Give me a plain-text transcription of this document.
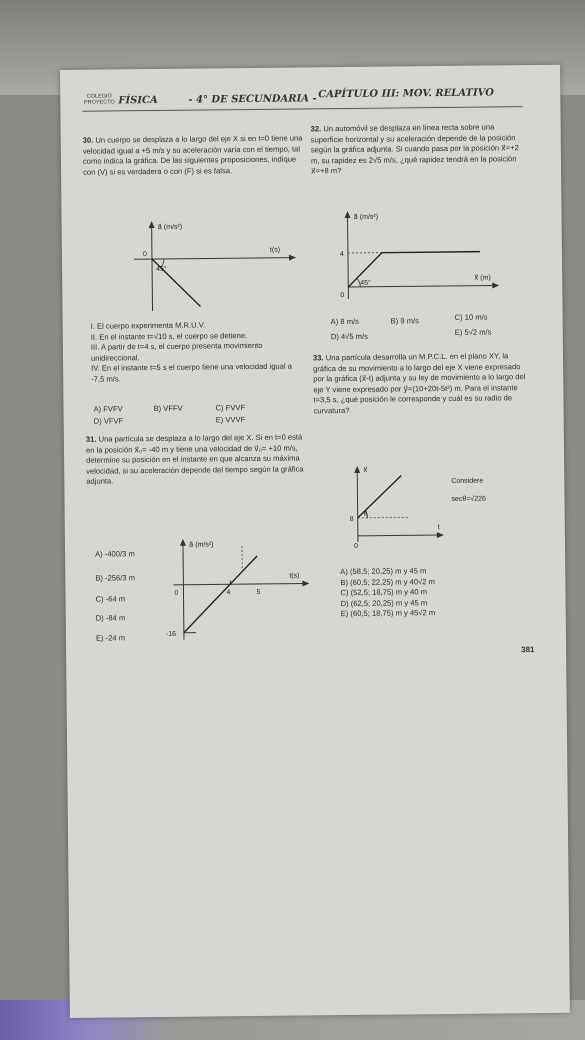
COLEGIO
PROYECTO FÍSICA	- 4° DE SECUNDARIA - CAPÍTULO III: MOV. RELATIVO
30. Un cuerpo se desplaza a lo largo del eje X si en t=0 tiene una velocidad igual a +5 m/s y su aceleración varía con el tiempo, tal como indica la gráfica. De las siguientes proposiciones, indique con (V) si es verdadera o con (F) si es falsa.
a⃗ (m/s²)
t(s)
0
45°
I. El cuerpo experimenta M.R.U.V.
II. En el instante t=√10 s, el cuerpo se detiene.
III. A partir de t=4 s, el cuerpo presenta movimiento unidireccional.
IV. En el instante t=5 s el cuerpo tiene una velocidad igual a -7,5 m/s.
A) FVFV	B) VFFV	C) FVVF
D) VFVF	E) VVVF
31. Una partícula se desplaza a lo largo del eje X. Si en t=0 está en la posición x⃗₀= -40 m y tiene una velocidad de v⃗₀= +10 m/s, determine su posición en el instante en que alcanza su máxima velocidad, si su aceleración depende del tiempo según la gráfica adjunta.
A) -400/3 m
B) -256/3 m
C) -64 m
D) -84 m
E) -24 m
a⃗ (m/s²)
t(s)
0	4	5
-16
32. Un automóvil se desplaza en línea recta sobre una superficie horizontal y su aceleración depende de la posición según la gráfica adjunta. Si cuando pasa por la posición x⃗=+2 m, su rapidez es 2√5 m/s, ¿qué rapidez tendrá en la posición x⃗=+8 m?
a⃗ (m/s²)
x⃗ (m)
4
0
45°
A) 8 m/s	B) 9 m/s	C) 10 m/s
D) 4√5 m/s	E) 5√2 m/s
33. Una partícula desarrolla un M.P.C.L. en el plano XY, la gráfica de su movimiento a lo largo del eje X viene expresado por la gráfica (x⃗-t) adjunta y su ley de movimiento a lo largo del eje Y viene expresado por y⃗=(10+20t-5t²) m. Para el instante t=3,5 s, ¿qué posición le corresponde y cuál es su radio de curvatura?
x⃗
t
8
0
θ
Considere
secθ=√226
A) (58,5; 20,25) m y 45 m
B) (60,5; 22,25) m y 40√2 m
C) (52,5; 18,75) m y 40 m
D) (62,5; 20,25) m y 45 m
E) (60,5; 18,75) m y 45√2 m
381
